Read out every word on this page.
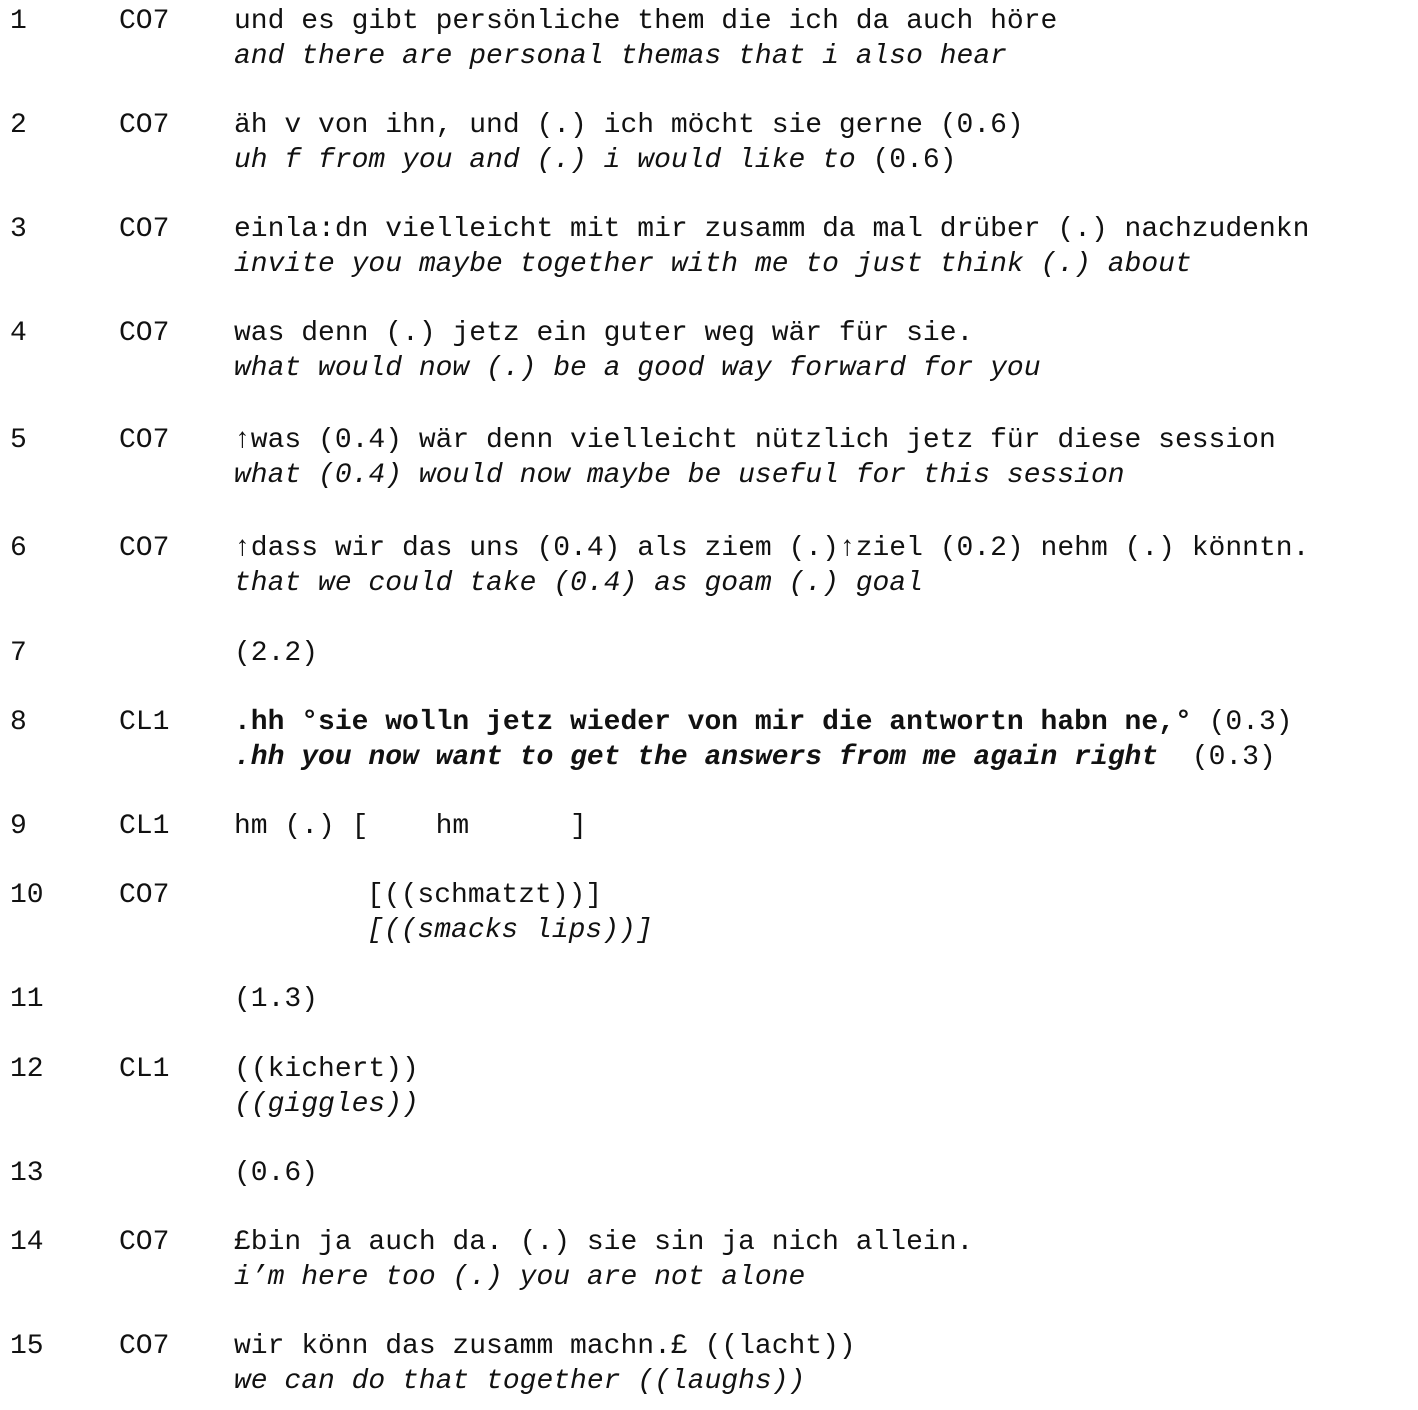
1	CO7 und es gibt persönliche them die ich da auch höre
and there are personal themas that i also hear
2	CO7 äh v von ihn, und (.) ich möcht sie gerne (0.6)
uh f from you and (.) i would like to (0.6)
3	CO7 einla:dn vielleicht mit mir zusamm da mal drüber (.) nachzudenkn
invite you maybe together with me to just think (.) about
4	CO7 was denn (.) jetz ein guter weg wär für sie.
what would now (.) be a good way forward for you
5	CO7 ↑was (0.4) wär denn vielleicht nützlich jetz für diese session
what (0.4) would now maybe be useful for this session
6	CO7 ↑dass wir das uns (0.4) als ziem (.)↑ziel (0.2) nehm (.) könntn.
that we could take (0.4) as goam (.) goal
7	(2.2)
8	CL1 .hh °sie wolln jetz wieder von mir die antwortn habn ne,° (0.3)
.hh you now want to get the answers from me again right  (0.3)
9	CL1 hm (.) [    hm      ]
10	CO7	[((schmatzt))]
[((smacks lips))]
11	(1.3)
12	CL1 ((kichert))
((giggles))
13	(0.6)
14	CO7 £bin ja auch da. (.) sie sin ja nich allein.
i’m here too (.) you are not alone
15	CO7 wir könn das zusamm machn.£ ((lacht))
we can do that together ((laughs))
